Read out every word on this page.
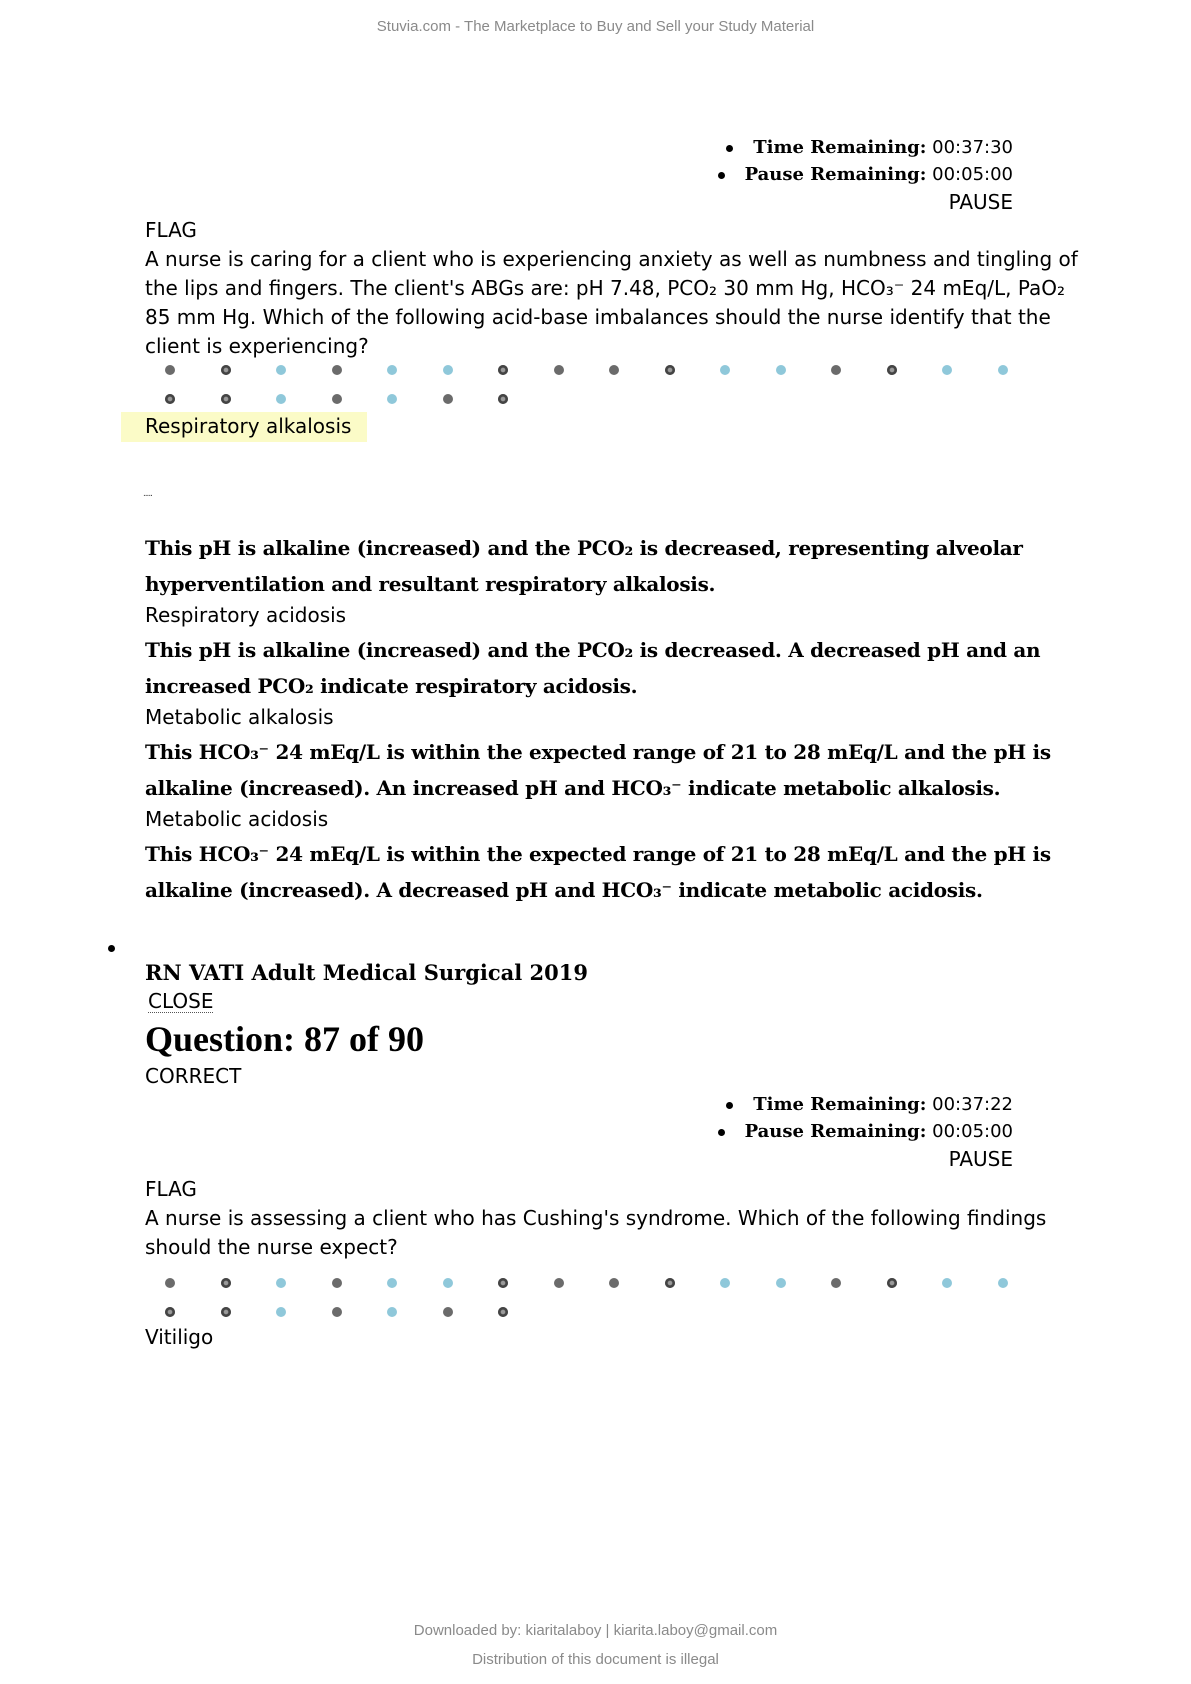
Stuvia.com - The Marketplace to Buy and Sell your Study Material
Time Remaining: 00:37:30
Pause Remaining: 00:05:00
PAUSE
FLAG
A nurse is caring for a client who is experiencing anxiety as well as numbness and tingling of the lips and fingers. The client's ABGs are: pH 7.48, PCO₂ 30 mm Hg, HCO₃⁻ 24 mEq/L, PaO₂ 85 mm Hg. Which of the following acid-base imbalances should the nurse identify that the client is experiencing?
Respiratory alkalosis
.....
This pH is alkaline (increased) and the PCO₂ is decreased, representing alveolar hyperventilation and resultant respiratory alkalosis.
Respiratory acidosis
This pH is alkaline (increased) and the PCO₂ is decreased. A decreased pH and an increased PCO₂ indicate respiratory acidosis.
Metabolic alkalosis
This HCO₃⁻ 24 mEq/L is within the expected range of 21 to 28 mEq/L and the pH is alkaline (increased). An increased pH and HCO₃⁻ indicate metabolic alkalosis.
Metabolic acidosis
This HCO₃⁻ 24 mEq/L is within the expected range of 21 to 28 mEq/L and the pH is alkaline (increased). A decreased pH and HCO₃⁻ indicate metabolic acidosis.
RN VATI Adult Medical Surgical 2019
CLOSE
Question: 87 of 90
CORRECT
Time Remaining: 00:37:22
Pause Remaining: 00:05:00
PAUSE
FLAG
A nurse is assessing a client who has Cushing's syndrome. Which of the following findings should the nurse expect?
Vitiligo
Downloaded by: kiaritalaboy | kiarita.laboy@gmail.com
Distribution of this document is illegal
